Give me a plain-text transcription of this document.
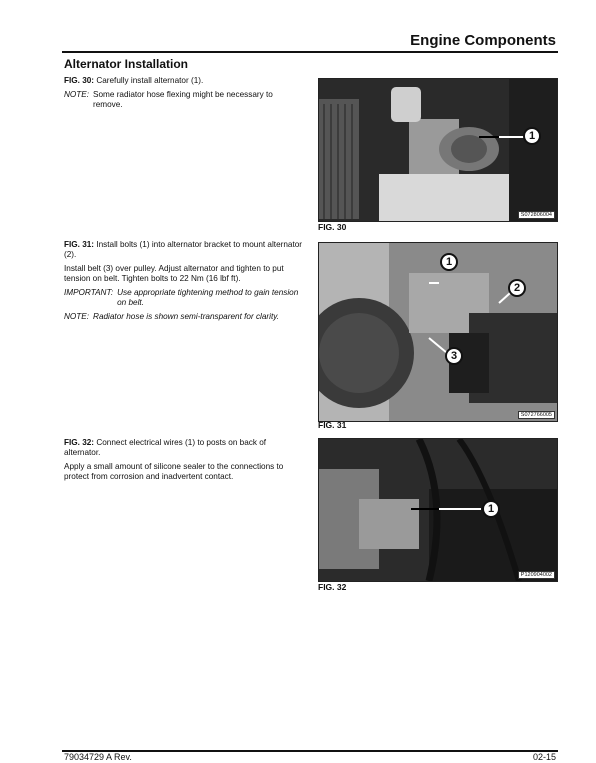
Engine Components
Alternator Installation
FIG. 30: Carefully install alternator (1).
NOTE: Some radiator hose flexing might be necessary to remove.
FIG. 31: Install bolts (1) into alternator bracket to mount alternator (2).
Install belt (3) over pulley. Adjust alternator and tighten to put tension on belt. Tighten bolts to 22 Nm (16 lbf ft).
IMPORTANT: Use appropriate tightening method to gain tension on belt.
NOTE: Radiator hose is shown semi-transparent for clarity.
FIG. 32: Connect electrical wires (1) to posts on back of alternator.
Apply a small amount of silicone sealer to the connections to protect from corrosion and inadvertent contact.
1
S072806004
FIG. 30
1
2
3
S072766005
FIG. 31
1
P120904002
FIG. 32
79034729 A Rev.	02-15
